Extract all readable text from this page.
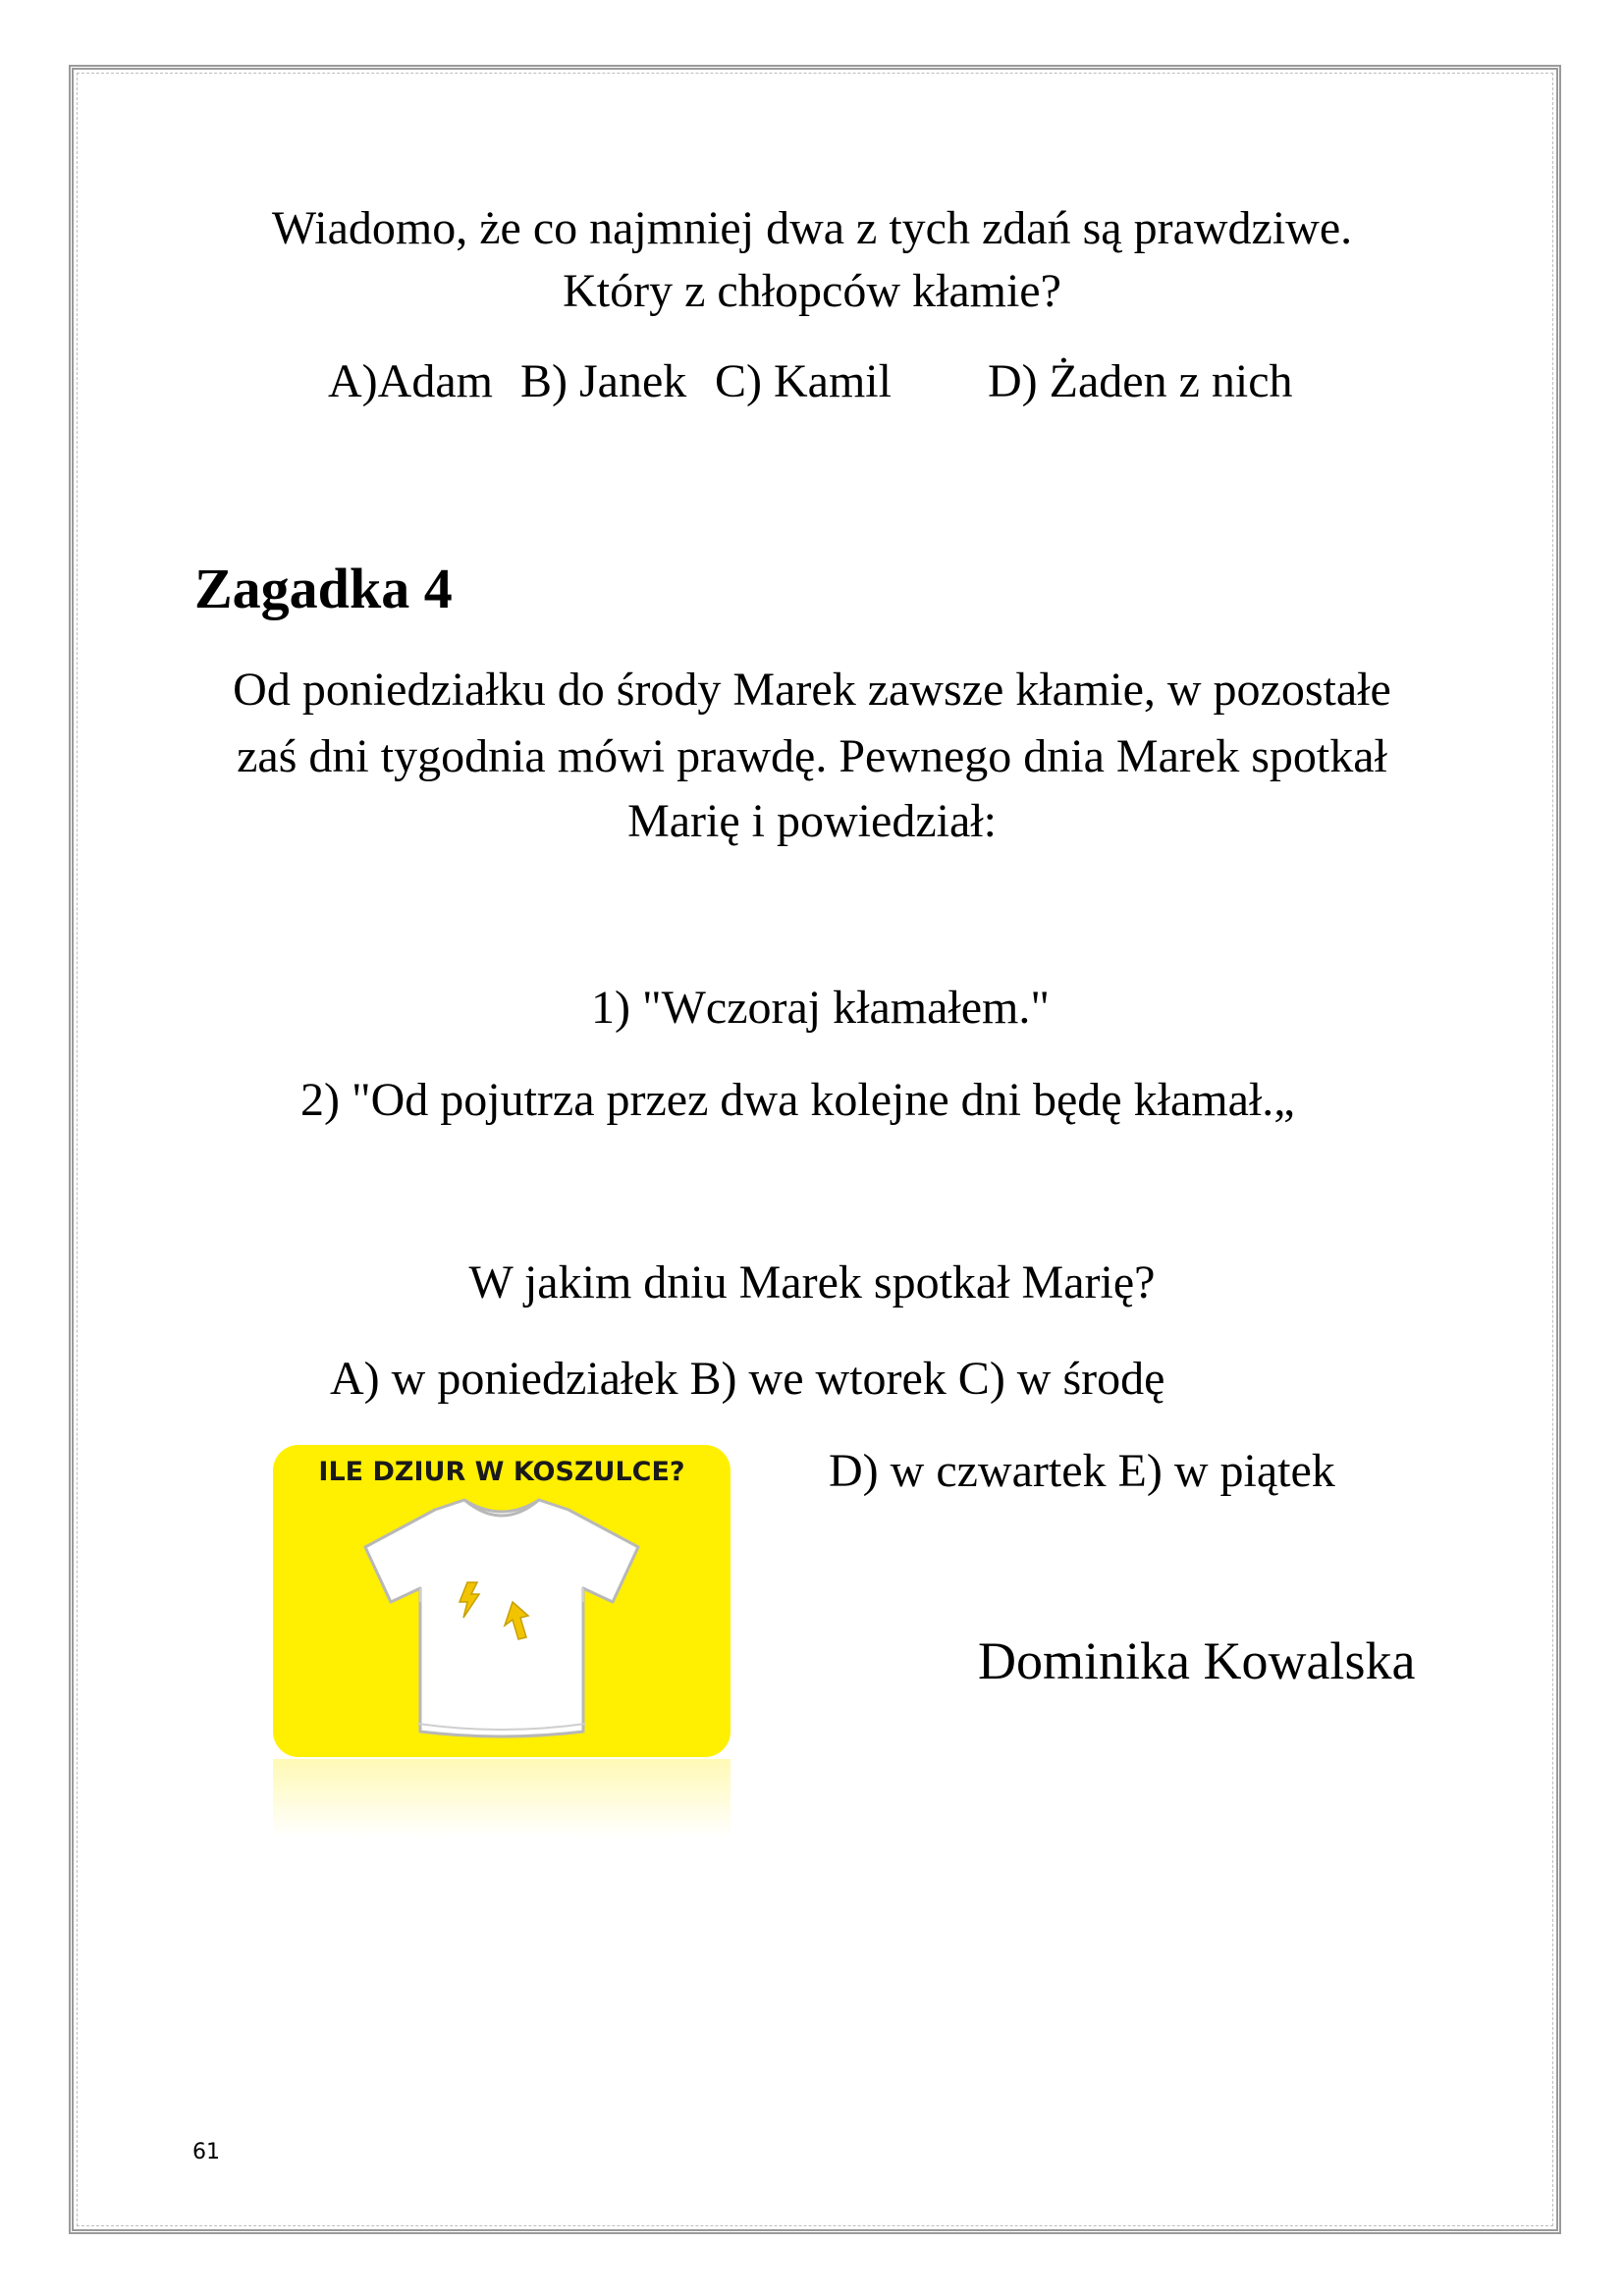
Wiadomo, że co najmniej dwa z tych zdań są prawdziwe.
Który z chłopców kłamie?
A)Adam B) Janek C) Kamil D) Żaden z nich
Zagadka 4
Od poniedziałku do środy Marek zawsze kłamie, w pozostałe
zaś dni tygodnia mówi prawdę. Pewnego dnia Marek spotkał
Marię i powiedział:
1) "Wczoraj kłamałem."
2) "Od pojutrza przez dwa kolejne dni będę kłamał.„
W jakim dniu Marek spotkał Marię?
A) w poniedziałek B) we wtorek C) w środę
D) w czwartek E) w piątek
ILE DZIUR W KOSZULCE?
Dominika Kowalska
61
